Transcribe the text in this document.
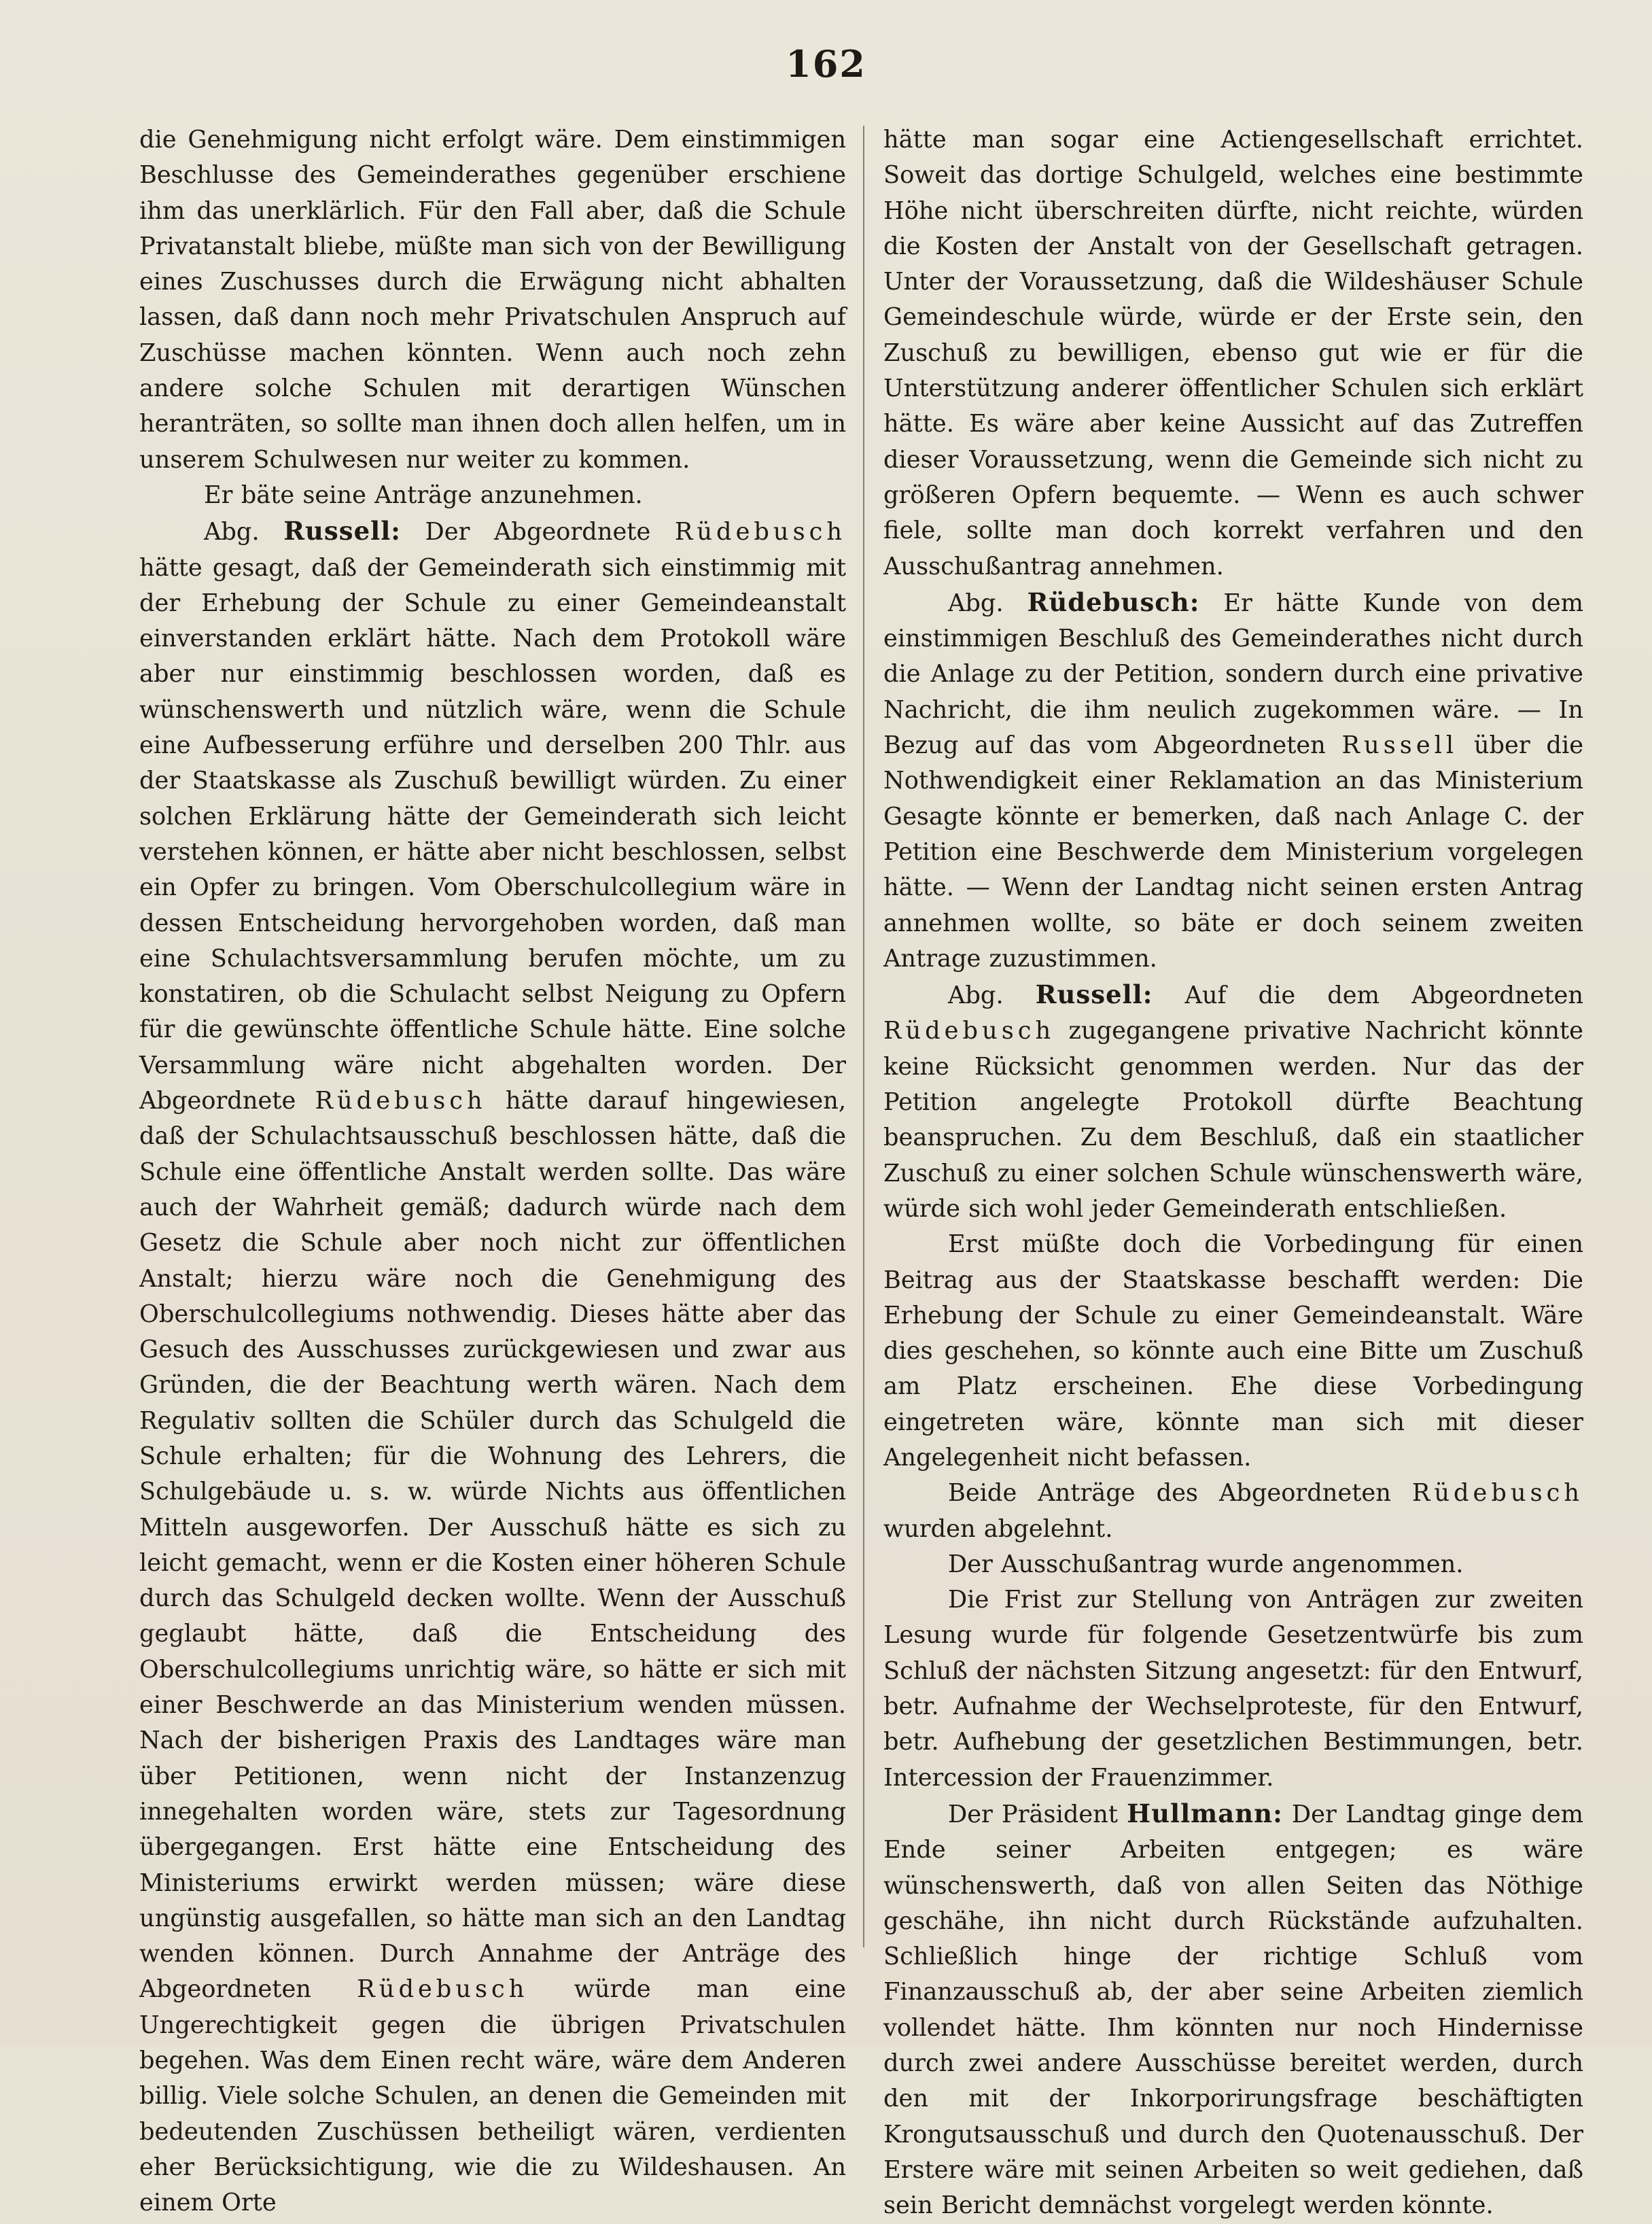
162

die Genehmigung nicht erfolgt wäre. Dem einstimmigen Beschlusse des Gemeinderathes gegenüber erschiene ihm das unerklärlich. Für den Fall aber, daß die Schule Privatanstalt bliebe, müßte man sich von der Bewilligung eines Zuschusses durch die Erwägung nicht abhalten lassen, daß dann noch mehr Privatschulen Anspruch auf Zuschüsse machen könnten. Wenn auch noch zehn andere solche Schulen mit derartigen Wünschen heranträten, so sollte man ihnen doch allen helfen, um in unserem Schulwesen nur weiter zu kommen.

Er bäte seine Anträge anzunehmen.

Abg. Russell: Der Abgeordnete Rüdebusch hätte gesagt, daß der Gemeinderath sich einstimmig mit der Erhebung der Schule zu einer Gemeindeanstalt einverstanden erklärt hätte. Nach dem Protokoll wäre aber nur einstimmig beschlossen worden, daß es wünschenswerth und nützlich wäre, wenn die Schule eine Aufbesserung erführe und derselben 200 Thlr. aus der Staatskasse als Zuschuß bewilligt würden. Zu einer solchen Erklärung hätte der Gemeinderath sich leicht verstehen können, er hätte aber nicht beschlossen, selbst ein Opfer zu bringen. Vom Oberschulcollegium wäre in dessen Entscheidung hervorgehoben worden, daß man eine Schulachtsversammlung berufen möchte, um zu konstatiren, ob die Schulacht selbst Neigung zu Opfern für die gewünschte öffentliche Schule hätte. Eine solche Versammlung wäre nicht abgehalten worden. Der Abgeordnete Rüdebusch hätte darauf hingewiesen, daß der Schulachtsausschuß beschlossen hätte, daß die Schule eine öffentliche Anstalt werden sollte. Das wäre auch der Wahrheit gemäß; dadurch würde nach dem Gesetz die Schule aber noch nicht zur öffentlichen Anstalt; hierzu wäre noch die Genehmigung des Oberschulcollegiums nothwendig. Dieses hätte aber das Gesuch des Ausschusses zurückgewiesen und zwar aus Gründen, die der Beachtung werth wären. Nach dem Regulativ sollten die Schüler durch das Schulgeld die Schule erhalten; für die Wohnung des Lehrers, die Schulgebäude u. s. w. würde Nichts aus öffentlichen Mitteln ausgeworfen. Der Ausschuß hätte es sich zu leicht gemacht, wenn er die Kosten einer höheren Schule durch das Schulgeld decken wollte. Wenn der Ausschuß geglaubt hätte, daß die Entscheidung des Oberschulcollegiums unrichtig wäre, so hätte er sich mit einer Beschwerde an das Ministerium wenden müssen. Nach der bisherigen Praxis des Landtages wäre man über Petitionen, wenn nicht der Instanzenzug innegehalten worden wäre, stets zur Tagesordnung übergegangen. Erst hätte eine Entscheidung des Ministeriums erwirkt werden müssen; wäre diese ungünstig ausgefallen, so hätte man sich an den Landtag wenden können. Durch Annahme der Anträge des Abgeordneten Rüdebusch würde man eine Ungerechtigkeit gegen die übrigen Privatschulen begehen. Was dem Einen recht wäre, wäre dem Anderen billig. Viele solche Schulen, an denen die Gemeinden mit bedeutenden Zuschüssen betheiligt wären, verdienten eher Berücksichtigung, wie die zu Wildeshausen. An einem Orte

hätte man sogar eine Actiengesellschaft errichtet. Soweit das dortige Schulgeld, welches eine bestimmte Höhe nicht überschreiten dürfte, nicht reichte, würden die Kosten der Anstalt von der Gesellschaft getragen. Unter der Voraussetzung, daß die Wildeshäuser Schule Gemeindeschule würde, würde er der Erste sein, den Zuschuß zu bewilligen, ebenso gut wie er für die Unterstützung anderer öffentlicher Schulen sich erklärt hätte. Es wäre aber keine Aussicht auf das Zutreffen dieser Voraussetzung, wenn die Gemeinde sich nicht zu größeren Opfern bequemte. — Wenn es auch schwer fiele, sollte man doch korrekt verfahren und den Ausschußantrag annehmen.

Abg. Rüdebusch: Er hätte Kunde von dem einstimmigen Beschluß des Gemeinderathes nicht durch die Anlage zu der Petition, sondern durch eine privative Nachricht, die ihm neulich zugekommen wäre. — In Bezug auf das vom Abgeordneten Russell über die Nothwendigkeit einer Reklamation an das Ministerium Gesagte könnte er bemerken, daß nach Anlage C. der Petition eine Beschwerde dem Ministerium vorgelegen hätte. — Wenn der Landtag nicht seinen ersten Antrag annehmen wollte, so bäte er doch seinem zweiten Antrage zuzustimmen.

Abg. Russell: Auf die dem Abgeordneten Rüdebusch zugegangene privative Nachricht könnte keine Rücksicht genommen werden. Nur das der Petition angelegte Protokoll dürfte Beachtung beanspruchen. Zu dem Beschluß, daß ein staatlicher Zuschuß zu einer solchen Schule wünschenswerth wäre, würde sich wohl jeder Gemeinderath entschließen.

Erst müßte doch die Vorbedingung für einen Beitrag aus der Staatskasse beschafft werden: Die Erhebung der Schule zu einer Gemeindeanstalt. Wäre dies geschehen, so könnte auch eine Bitte um Zuschuß am Platz erscheinen. Ehe diese Vorbedingung eingetreten wäre, könnte man sich mit dieser Angelegenheit nicht befassen.

Beide Anträge des Abgeordneten Rüdebusch wurden abgelehnt.

Der Ausschußantrag wurde angenommen.

Die Frist zur Stellung von Anträgen zur zweiten Lesung wurde für folgende Gesetzentwürfe bis zum Schluß der nächsten Sitzung angesetzt: für den Entwurf, betr. Aufnahme der Wechselproteste, für den Entwurf, betr. Aufhebung der gesetzlichen Bestimmungen, betr. Intercession der Frauenzimmer.

Der Präsident Hullmann: Der Landtag ginge dem Ende seiner Arbeiten entgegen; es wäre wünschenswerth, daß von allen Seiten das Nöthige geschähe, ihn nicht durch Rückstände aufzuhalten. Schließlich hinge der richtige Schluß vom Finanzausschuß ab, der aber seine Arbeiten ziemlich vollendet hätte. Ihm könnten nur noch Hindernisse durch zwei andere Ausschüsse bereitet werden, durch den mit der Inkorporirungsfrage beschäftigten Krongutsausschuß und durch den Quotenausschuß. Der Erstere wäre mit seinen Arbeiten so weit gediehen, daß sein Bericht demnächst vorgelegt werden könnte.
